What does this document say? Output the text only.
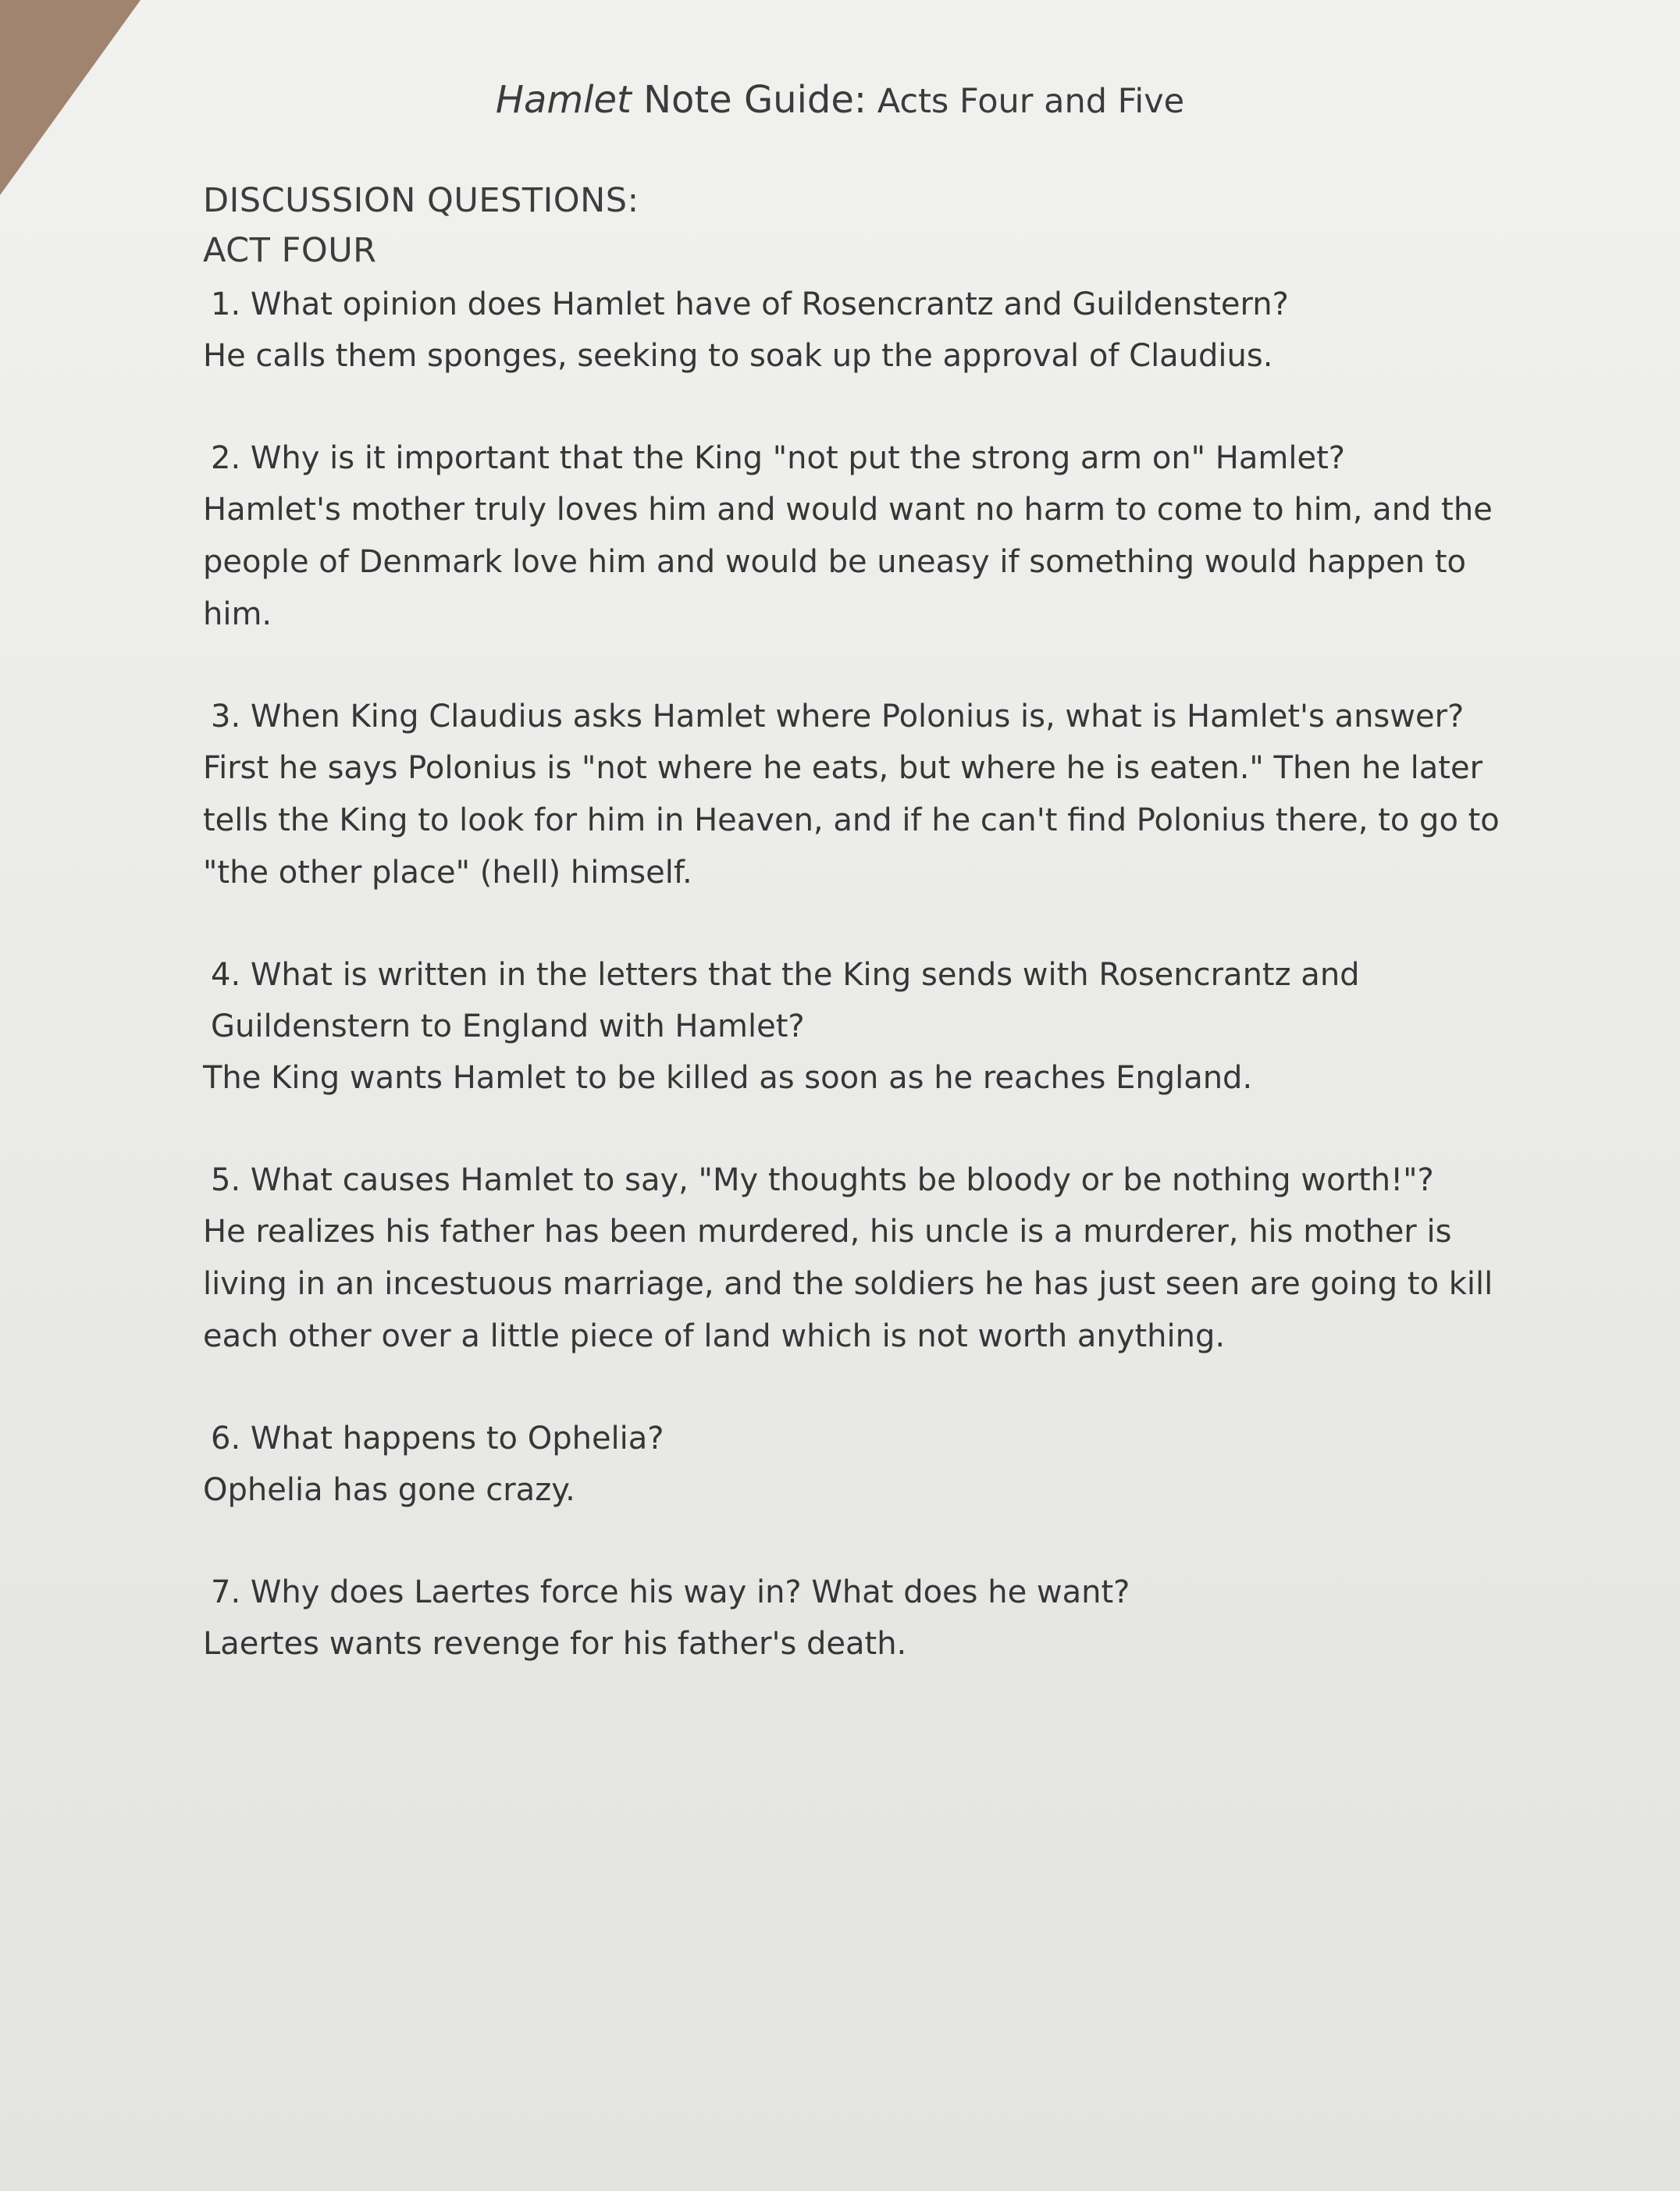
Hamlet Note Guide: Acts Four and Five
DISCUSSION QUESTIONS:
ACT FOUR
1. What opinion does Hamlet have of Rosencrantz and Guildenstern?
He calls them sponges, seeking to soak up the approval of Claudius.
2. Why is it important that the King "not put the strong arm on" Hamlet?
Hamlet's mother truly loves him and would want no harm to come to him, and the people of Denmark love him and would be uneasy if something would happen to him.
3. When King Claudius asks Hamlet where Polonius is, what is Hamlet's answer?
First he says Polonius is "not where he eats, but where he is eaten." Then he later tells the King to look for him in Heaven, and if he can't find Polonius there, to go to "the other place" (hell) himself.
4. What is written in the letters that the King sends with Rosencrantz and Guildenstern to England with Hamlet?
The King wants Hamlet to be killed as soon as he reaches England.
5. What causes Hamlet to say, "My thoughts be bloody or be nothing worth!"?
He realizes his father has been murdered, his uncle is a murderer, his mother is living in an incestuous marriage, and the soldiers he has just seen are going to kill each other over a little piece of land which is not worth anything.
6. What happens to Ophelia?
Ophelia has gone crazy.
7. Why does Laertes force his way in? What does he want?
Laertes wants revenge for his father's death.
